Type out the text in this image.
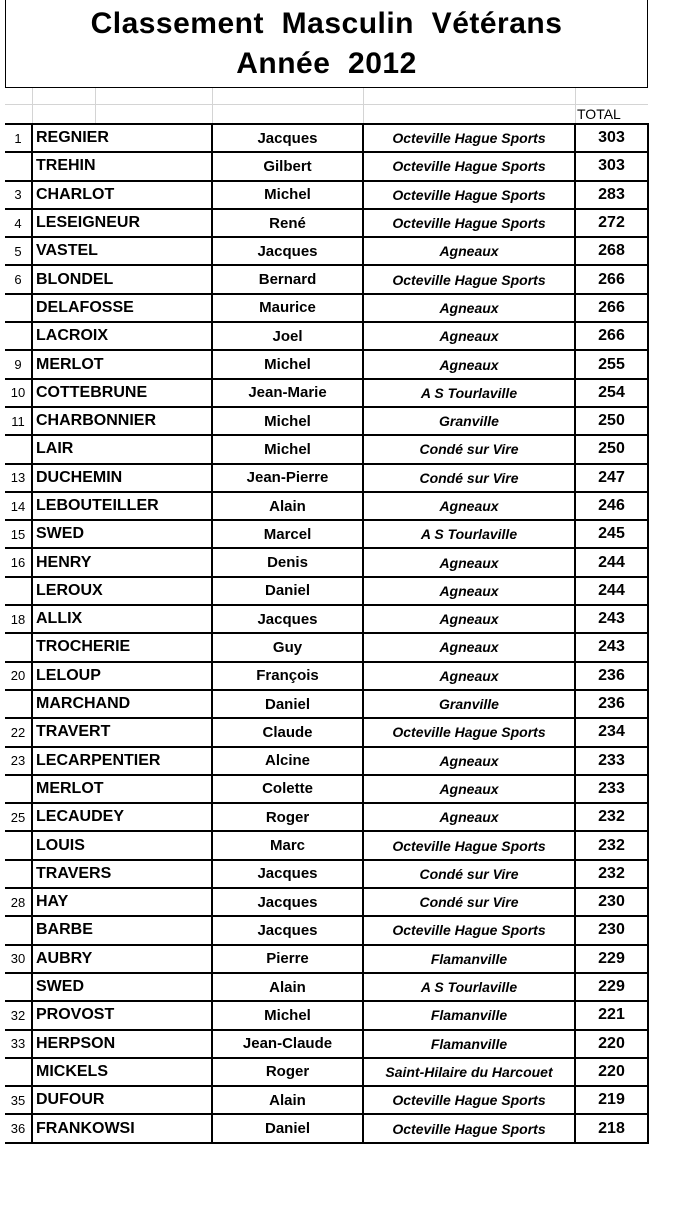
Classement  Masculin  Vétérans
Année  2012
TOTAL
1	REGNIER	Jacques	Octeville Hague Sports	303
	TREHIN	Gilbert	Octeville Hague Sports	303
3	CHARLOT	Michel	Octeville Hague Sports	283
4	LESEIGNEUR	René	Octeville Hague Sports	272
5	VASTEL	Jacques	Agneaux	268
6	BLONDEL	Bernard	Octeville Hague Sports	266
	DELAFOSSE	Maurice	Agneaux	266
	LACROIX	Joel	Agneaux	266
9	MERLOT	Michel	Agneaux	255
10	COTTEBRUNE	Jean-Marie	A S Tourlaville	254
11	CHARBONNIER	Michel	Granville	250
	LAIR	Michel	Condé sur Vire	250
13	DUCHEMIN	Jean-Pierre	Condé sur Vire	247
14	LEBOUTEILLER	Alain	Agneaux	246
15	SWED	Marcel	A S Tourlaville	245
16	HENRY	Denis	Agneaux	244
	LEROUX	Daniel	Agneaux	244
18	ALLIX	Jacques	Agneaux	243
	TROCHERIE	Guy	Agneaux	243
20	LELOUP	François	Agneaux	236
	MARCHAND	Daniel	Granville	236
22	TRAVERT	Claude	Octeville Hague Sports	234
23	LECARPENTIER	Alcine	Agneaux	233
	MERLOT	Colette	Agneaux	233
25	LECAUDEY	Roger	Agneaux	232
	LOUIS	Marc	Octeville Hague Sports	232
	TRAVERS	Jacques	Condé sur Vire	232
28	HAY	Jacques	Condé sur Vire	230
	BARBE	Jacques	Octeville Hague Sports	230
30	AUBRY	Pierre	Flamanville	229
	SWED	Alain	A S Tourlaville	229
32	PROVOST	Michel	Flamanville	221
33	HERPSON	Jean-Claude	Flamanville	220
	MICKELS	Roger	Saint-Hilaire du Harcouet	220
35	DUFOUR	Alain	Octeville Hague Sports	219
36	FRANKOWSI	Daniel	Octeville Hague Sports	218
